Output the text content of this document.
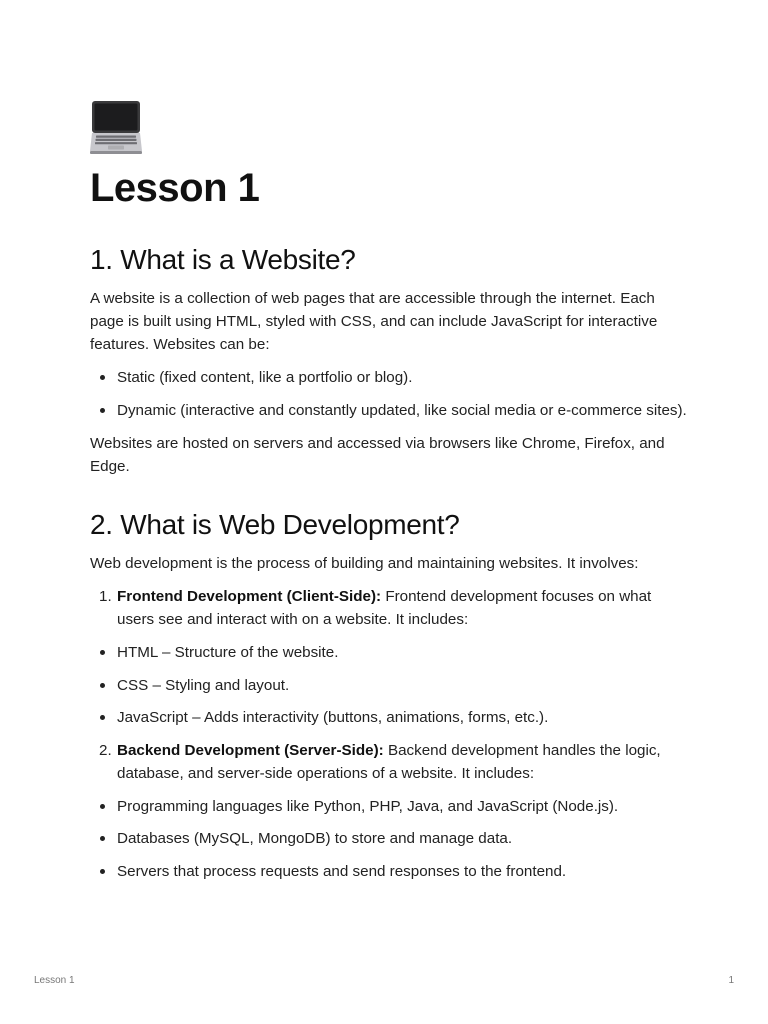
Lesson 1
1. What is a Website?

A website is a collection of web pages that are accessible through the internet. Each page is built using HTML, styled with CSS, and can include JavaScript for interactive features. Websites can be:

Static (fixed content, like a portfolio or blog).
Dynamic (interactive and constantly updated, like social media or e-commerce sites).

Websites are hosted on servers and accessed via browsers like Chrome, Firefox, and Edge.

2. What is Web Development?

Web development is the process of building and maintaining websites. It involves:

1. Frontend Development (Client-Side): Frontend development focuses on what users see and interact with on a website. It includes:

HTML – Structure of the website.
CSS – Styling and layout.
JavaScript – Adds interactivity (buttons, animations, forms, etc.).

2. Backend Development (Server-Side): Backend development handles the logic, database, and server-side operations of a website. It includes:

Programming languages like Python, PHP, Java, and JavaScript (Node.js).
Databases (MySQL, MongoDB) to store and manage data.
Servers that process requests and send responses to the frontend.
Lesson 1	1
